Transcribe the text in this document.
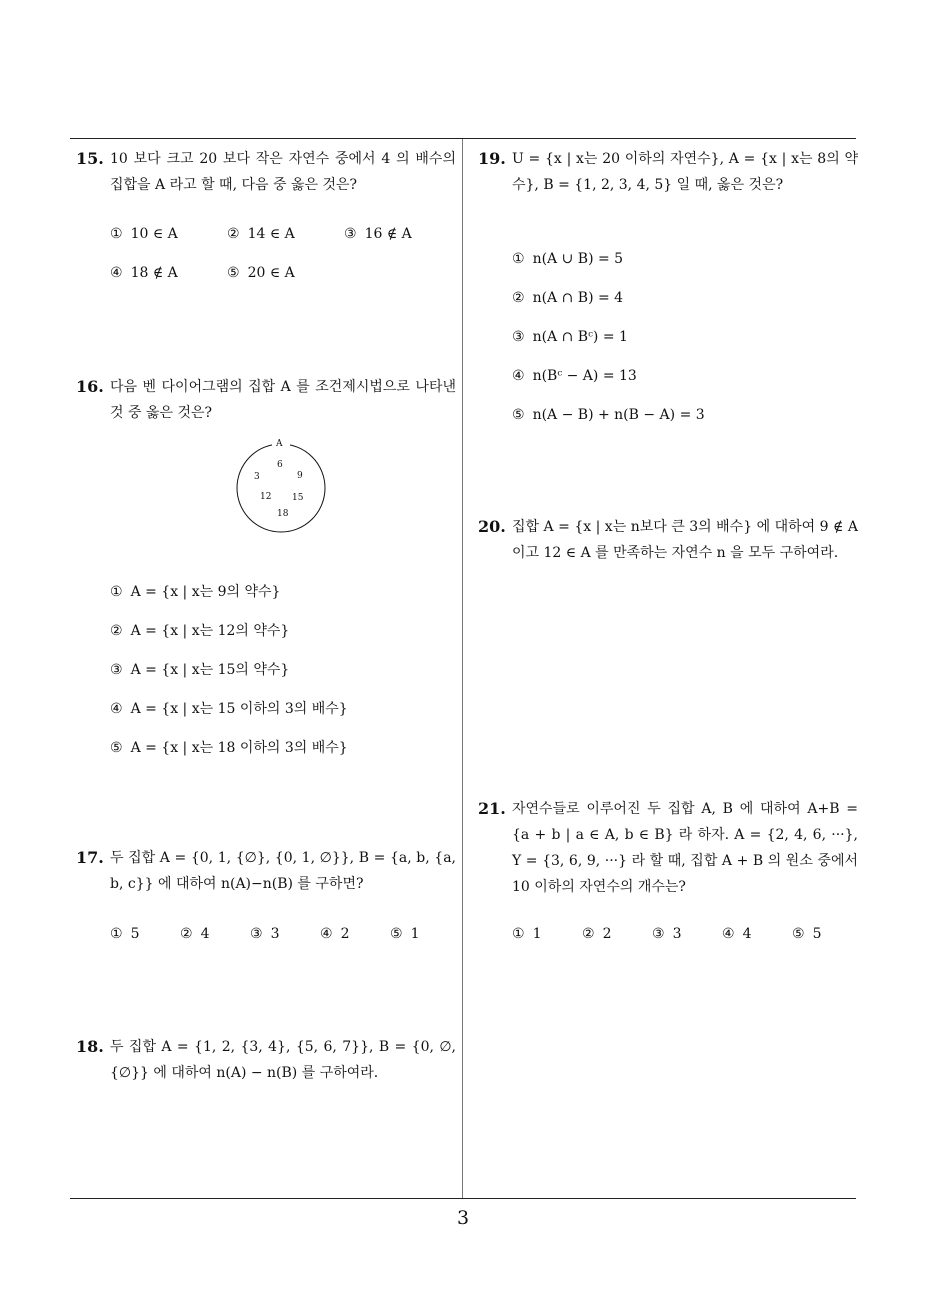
15. 10 보다 크고 20 보다 작은 자연수 중에서 4 의 배수의 집합을 A 라고 할 때, 다음 중 옳은 것은?
① 10 ∈ A	② 14 ∈ A	③ 16 ∉ A
④ 18 ∉ A	⑤ 20 ∈ A
16. 다음 벤 다이어그램의 집합 A 를 조건제시법으로 나타낸 것 중 옳은 것은?
A
3
6
9
12 15
18
① A = {x | x는 9의 약수}
② A = {x | x는 12의 약수}
③ A = {x | x는 15의 약수}
④ A = {x | x는 15 이하의 3의 배수}
⑤ A = {x | x는 18 이하의 3의 배수}
17. 두 집합 A = {0, 1, {∅}, {0, 1, ∅}}, B = {a, b, {a, b, c}} 에 대하여 n(A)−n(B) 를 구하면?
① 5	② 4	③ 3	④ 2	⑤ 1
18. 두 집합 A = {1, 2, {3, 4}, {5, 6, 7}}, B = {0, ∅, {∅}} 에 대하여 n(A) − n(B) 를 구하여라.
19. U = {x | x는 20 이하의 자연수}, A = {x | x는 8의 약수}, B = {1, 2, 3, 4, 5} 일 때, 옳은 것은?
① n(A ∪ B) = 5
② n(A ∩ B) = 4
③ n(A ∩ Bᶜ) = 1
④ n(Bᶜ − A) = 13
⑤ n(A − B) + n(B − A) = 3
20. 집합 A = {x | x는 n보다 큰 3의 배수} 에 대하여 9 ∉ A 이고 12 ∈ A 를 만족하는 자연수 n 을 모두 구하여라.
21. 자연수들로 이루어진 두 집합 A, B 에 대하여 A+B = {a + b | a ∈ A, b ∈ B} 라 하자. A = {2, 4, 6, ···}, Y = {3, 6, 9, ···} 라 할 때, 집합 A + B 의 원소 중에서 10 이하의 자연수의 개수는?
① 1	② 2	③ 3	④ 4	⑤ 5
3
